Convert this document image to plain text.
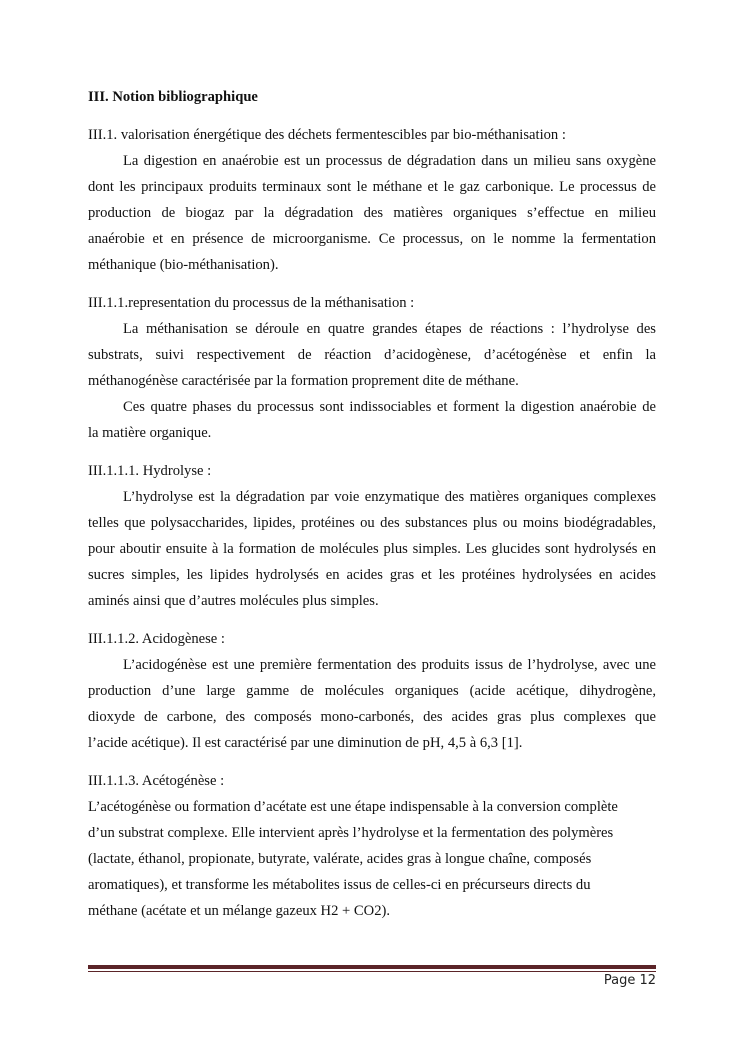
III. Notion bibliographique
III.1. valorisation énergétique des déchets fermentescibles par bio-méthanisation :
La digestion en anaérobie est un processus de dégradation dans un milieu sans oxygène
dont les principaux produits terminaux sont le méthane et le gaz carbonique. Le processus de
production de biogaz par la dégradation des matières organiques s’effectue en milieu
anaérobie et en présence de microorganisme. Ce processus, on le nomme la fermentation
méthanique (bio-méthanisation).
III.1.1.representation du processus de la méthanisation :
La méthanisation se déroule en quatre grandes étapes de réactions : l’hydrolyse des
substrats, suivi respectivement de réaction d’acidogènese, d’acétogénèse et enfin la
méthanogénèse caractérisée par la formation proprement dite de méthane.
Ces quatre phases du processus sont indissociables et forment la digestion anaérobie de
la matière organique.
III.1.1.1. Hydrolyse :
L’hydrolyse est la dégradation par voie enzymatique des matières organiques complexes
telles que polysaccharides, lipides, protéines ou des substances plus ou moins biodégradables,
pour aboutir ensuite à la formation de molécules plus simples. Les glucides sont hydrolysés en
sucres simples, les lipides hydrolysés en acides gras et les protéines hydrolysées en acides
aminés ainsi que d’autres molécules plus simples.
III.1.1.2. Acidogènese :
L’acidogénèse est une première fermentation des produits issus de l’hydrolyse, avec une
production d’une large gamme de molécules organiques (acide acétique, dihydrogène,
dioxyde de carbone, des composés mono-carbonés, des acides gras plus complexes que
l’acide acétique). Il est caractérisé par une diminution de pH, 4,5 à 6,3 [1].
III.1.1.3. Acétogénèse :
L’acétogénèse ou formation d’acétate est une étape indispensable à la conversion complète
d’un substrat complexe. Elle intervient après l’hydrolyse et la fermentation des polymères
(lactate, éthanol, propionate, butyrate, valérate, acides gras à longue chaîne, composés
aromatiques), et transforme les métabolites issus de celles-ci en précurseurs directs du
méthane (acétate et un mélange gazeux H2 + CO2).
Page 12
